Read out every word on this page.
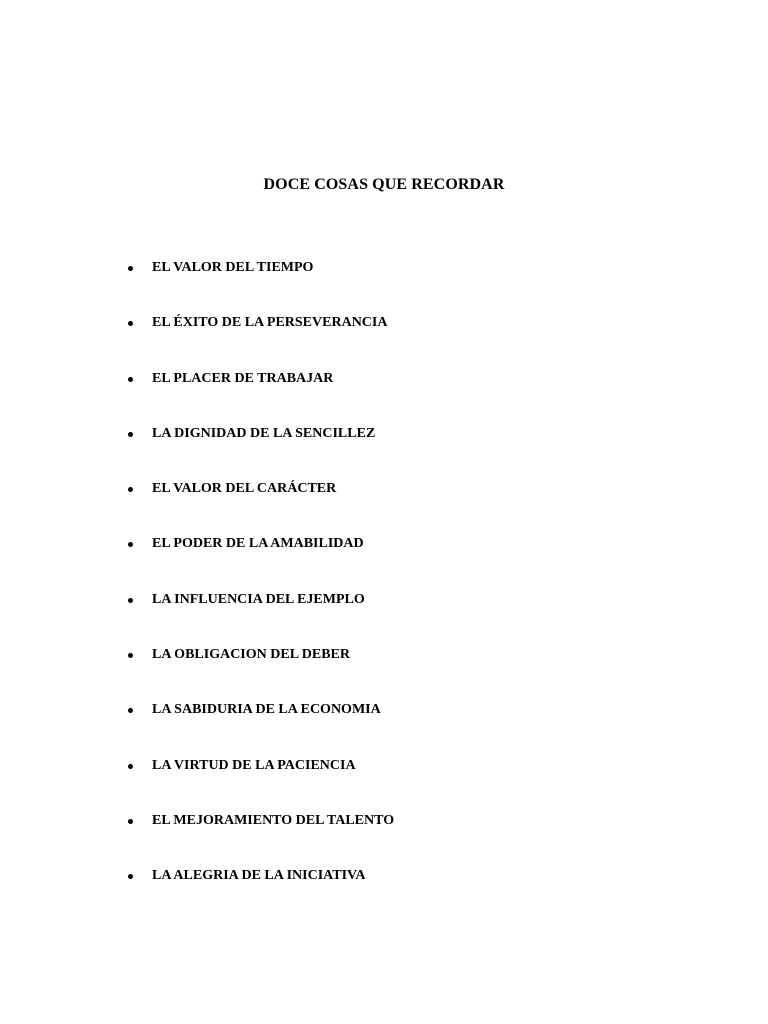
DOCE COSAS QUE RECORDAR
EL VALOR DEL TIEMPO
EL ÉXITO DE LA PERSEVERANCIA
EL PLACER DE TRABAJAR
LA DIGNIDAD DE LA SENCILLEZ
EL VALOR DEL CARÁCTER
EL PODER DE LA AMABILIDAD
LA INFLUENCIA DEL EJEMPLO
LA OBLIGACION DEL DEBER
LA SABIDURIA DE LA ECONOMIA
LA VIRTUD DE LA PACIENCIA
EL MEJORAMIENTO DEL TALENTO
LA ALEGRIA DE LA INICIATIVA
